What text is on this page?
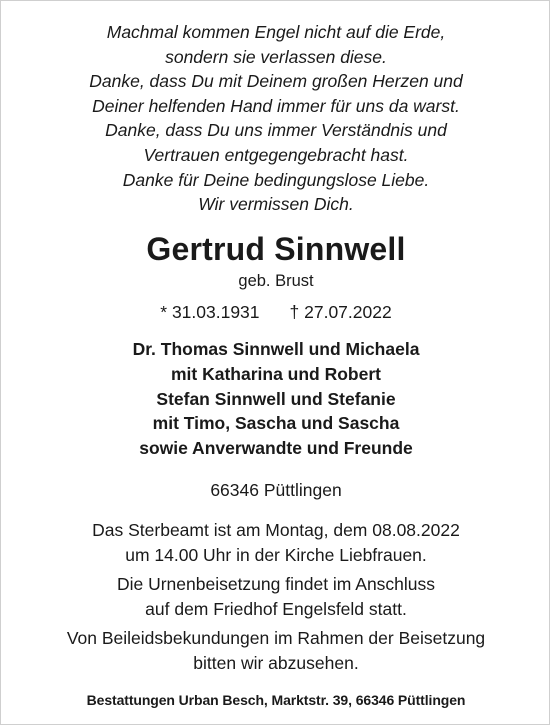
Machmal kommen Engel nicht auf die Erde,
sondern sie verlassen diese.
Danke, dass Du mit Deinem großen Herzen und
Deiner helfenden Hand immer für uns da warst.
Danke, dass Du uns immer Verständnis und
Vertrauen entgegengebracht hast.
Danke für Deine bedingungslose Liebe.
Wir vermissen Dich.
Gertrud Sinnwell
geb. Brust
* 31.03.1931 † 27.07.2022
Dr. Thomas Sinnwell und Michaela
mit Katharina und Robert
Stefan Sinnwell und Stefanie
mit Timo, Sascha und Sascha
sowie Anverwandte und Freunde
66346 Püttlingen
Das Sterbeamt ist am Montag, dem 08.08.2022
um 14.00 Uhr in der Kirche Liebfrauen.
Die Urnenbeisetzung findet im Anschluss
auf dem Friedhof Engelsfeld statt.
Von Beileidsbekundungen im Rahmen der Beisetzung
bitten wir abzusehen.
Bestattungen Urban Besch, Marktstr. 39, 66346 Püttlingen
